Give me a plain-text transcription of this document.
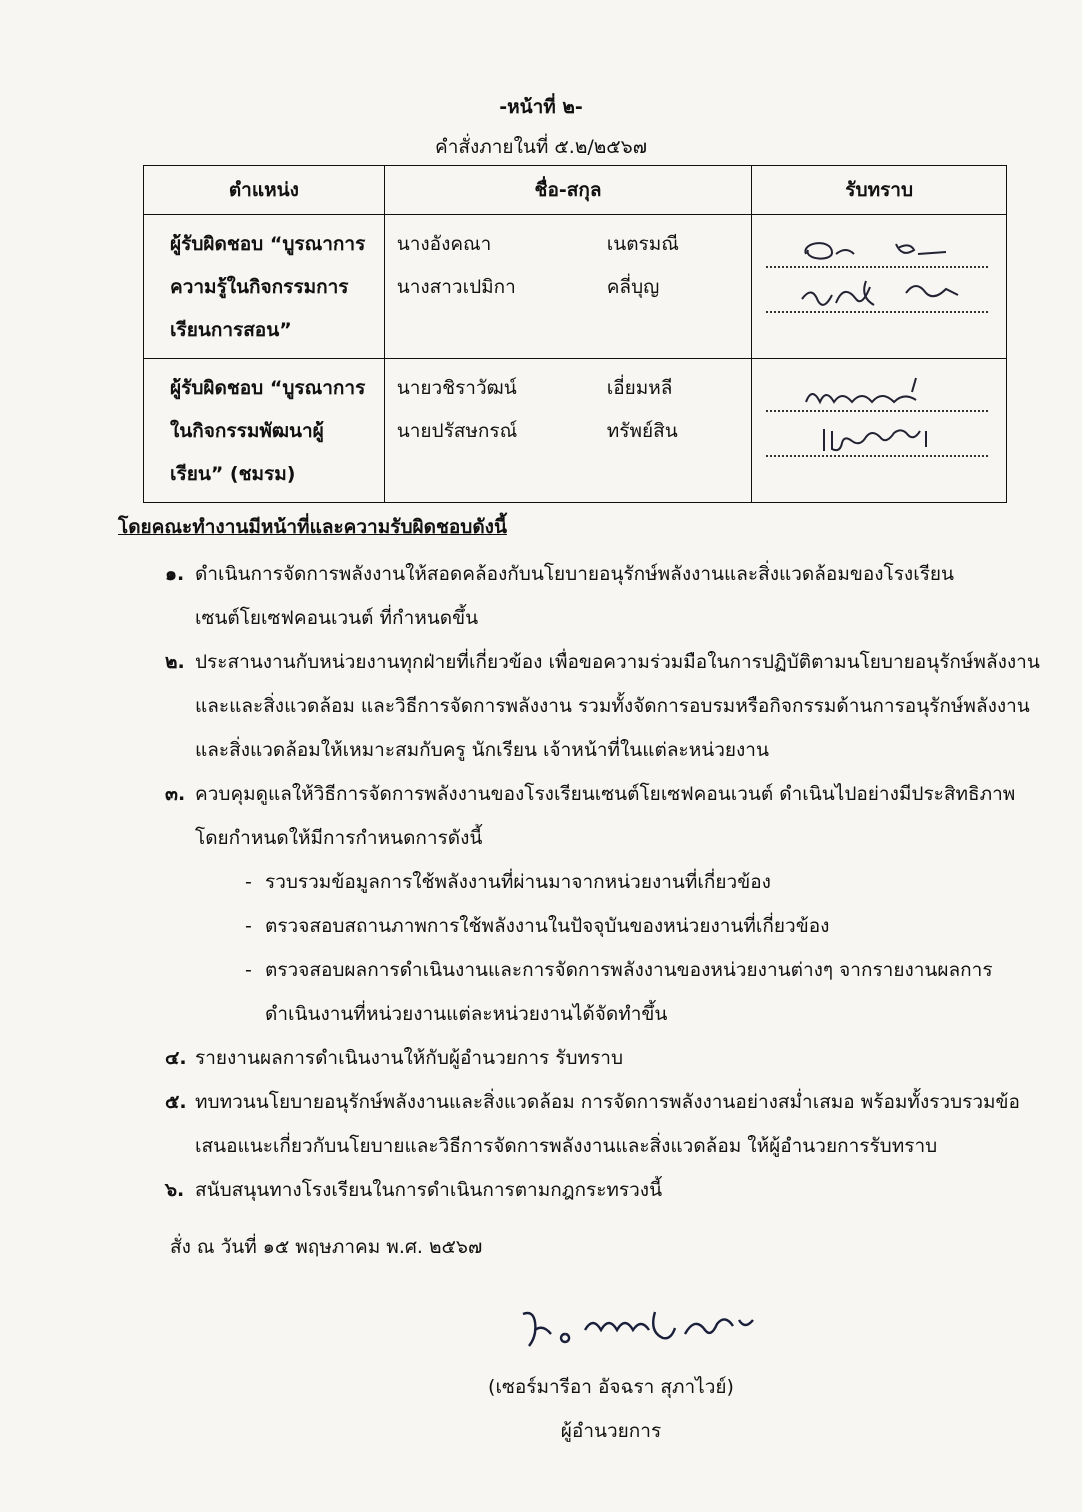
-หน้าที่ ๒-
คำสั่งภายในที่ ๕.๒/๒๕๖๗
ตำแหน่ง	ชื่อ-สกุล	รับทราบ
ผู้รับผิดชอบ “บูรณาการความรู้ในกิจกรรมการเรียนการสอน”	นางอังคณา เนตรมณี
นางสาวเปมิกา คลี่บุญ

ผู้รับผิดชอบ “บูรณาการในกิจกรรมพัฒนาผู้เรียน” (ชมรม)	นายวชิราวัฒน์ เอี่ยมหลี
นายปรัสษกรณ์ ทรัพย์สิน

โดยคณะทำงานมีหน้าที่และความรับผิดชอบดังนี้
๑. ดำเนินการจัดการพลังงานให้สอดคล้องกับนโยบายอนุรักษ์พลังงานและสิ่งแวดล้อมของโรงเรียนเซนต์โยเซฟคอนเวนต์ ที่กำหนดขึ้น
๒. ประสานงานกับหน่วยงานทุกฝ่ายที่เกี่ยวข้อง เพื่อขอความร่วมมือในการปฏิบัติตามนโยบายอนุรักษ์พลังงานและและสิ่งแวดล้อม และวิธีการจัดการพลังงาน รวมทั้งจัดการอบรมหรือกิจกรรมด้านการอนุรักษ์พลังงานและสิ่งแวดล้อมให้เหมาะสมกับครู นักเรียน เจ้าหน้าที่ในแต่ละหน่วยงาน
๓. ควบคุมดูแลให้วิธีการจัดการพลังงานของโรงเรียนเซนต์โยเซฟคอนเวนต์ ดำเนินไปอย่างมีประสิทธิภาพโดยกำหนดให้มีการกำหนดการดังนี้
- รวบรวมข้อมูลการใช้พลังงานที่ผ่านมาจากหน่วยงานที่เกี่ยวข้อง
- ตรวจสอบสถานภาพการใช้พลังงานในปัจจุบันของหน่วยงานที่เกี่ยวข้อง
- ตรวจสอบผลการดำเนินงานและการจัดการพลังงานของหน่วยงานต่างๆ จากรายงานผลการดำเนินงานที่หน่วยงานแต่ละหน่วยงานได้จัดทำขึ้น
๔. รายงานผลการดำเนินงานให้กับผู้อำนวยการ รับทราบ
๕. ทบทวนนโยบายอนุรักษ์พลังงานและสิ่งแวดล้อม การจัดการพลังงานอย่างสม่ำเสมอ พร้อมทั้งรวบรวมข้อเสนอแนะเกี่ยวกับนโยบายและวิธีการจัดการพลังงานและสิ่งแวดล้อม ให้ผู้อำนวยการรับทราบ
๖. สนับสนุนทางโรงเรียนในการดำเนินการตามกฎกระทรวงนี้
สั่ง ณ วันที่ ๑๕ พฤษภาคม พ.ศ. ๒๕๖๗
(เซอร์มารีอา อัจฉรา สุภาไวย์)
ผู้อำนวยการ
